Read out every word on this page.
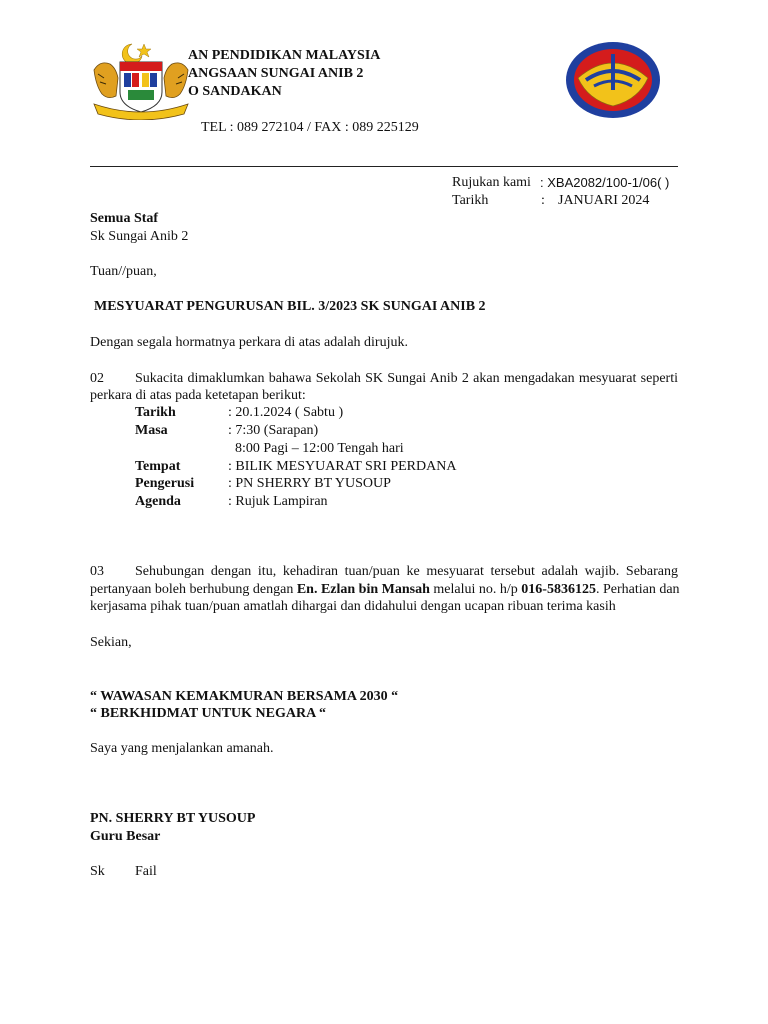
AN PENDIDIKAN MALAYSIA
ANGSAAN SUNGAI ANIB 2
O SANDAKAN
TEL : 089 272104 / FAX : 089 225129
Rujukan kami : XBA2082/100-1/06( )
Tarikh	: JANUARI 2024
Semua Staf
Sk Sungai Anib 2
Tuan//puan,
MESYUARAT PENGURUSAN BIL. 3/2023 SK SUNGAI ANIB 2
Dengan segala hormatnya perkara di atas adalah dirujuk.
02 Sukacita dimaklumkan bahawa Sekolah SK Sungai Anib 2 akan mengadakan mesyuarat seperti
perkara di atas pada ketetapan berikut:
Tarikh	: 20.1.2024 ( Sabtu )
Masa	: 7:30 (Sarapan)
8:00 Pagi – 12:00 Tengah hari
Tempat	: BILIK MESYUARAT SRI PERDANA
Pengerusi : PN SHERRY BT YUSOUP
Agenda	: Rujuk Lampiran
03 Sehubungan dengan itu, kehadiran tuan/puan ke mesyuarat tersebut adalah wajib. Sebarang
pertanyaan boleh berhubung dengan En. Ezlan bin Mansah melalui no. h/p 016-5836125. Perhatian dan
kerjasama pihak tuan/puan amatlah dihargai dan didahului dengan ucapan ribuan terima kasih
Sekian,
“ WAWASAN KEMAKMURAN BERSAMA 2030 “
“ BERKHIDMAT UNTUK NEGARA “
Saya yang menjalankan amanah.
PN. SHERRY BT YUSOUP
Guru Besar
Sk Fail
